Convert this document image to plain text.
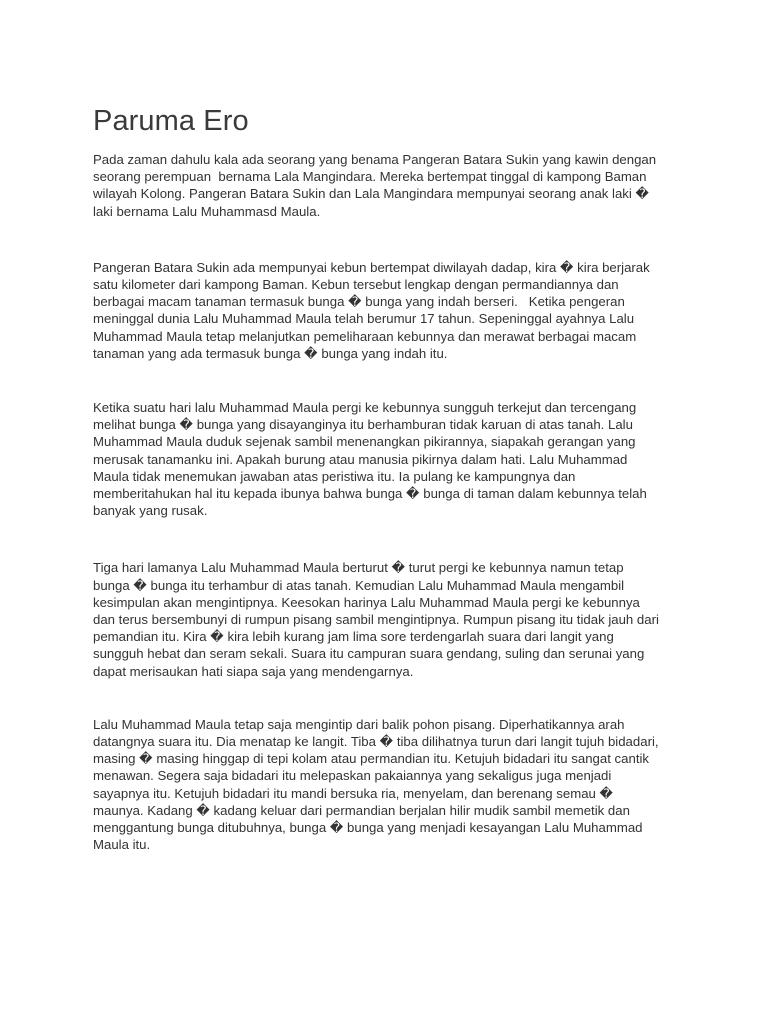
Paruma Ero

Pada zaman dahulu kala ada seorang yang benama Pangeran Batara Sukin yang kawin dengan
seorang perempuan  bernama Lala Mangindara. Mereka bertempat tinggal di kampong Baman
wilayah Kolong. Pangeran Batara Sukin dan Lala Mangindara mempunyai seorang anak laki �
laki bernama Lalu Muhammasd Maula.

Pangeran Batara Sukin ada mempunyai kebun bertempat diwilayah dadap, kira � kira berjarak
satu kilometer dari kampong Baman. Kebun tersebut lengkap dengan permandiannya dan
berbagai macam tanaman termasuk bunga � bunga yang indah berseri.   Ketika pengeran
meninggal dunia Lalu Muhammad Maula telah berumur 17 tahun. Sepeninggal ayahnya Lalu
Muhammad Maula tetap melanjutkan pemeliharaan kebunnya dan merawat berbagai macam
tanaman yang ada termasuk bunga � bunga yang indah itu.

Ketika suatu hari lalu Muhammad Maula pergi ke kebunnya sungguh terkejut dan tercengang
melihat bunga � bunga yang disayanginya itu berhamburan tidak karuan di atas tanah. Lalu
Muhammad Maula duduk sejenak sambil menenangkan pikirannya, siapakah gerangan yang
merusak tanamanku ini. Apakah burung atau manusia pikirnya dalam hati. Lalu Muhammad
Maula tidak menemukan jawaban atas peristiwa itu. Ia pulang ke kampungnya dan
memberitahukan hal itu kepada ibunya bahwa bunga � bunga di taman dalam kebunnya telah
banyak yang rusak.

Tiga hari lamanya Lalu Muhammad Maula berturut � turut pergi ke kebunnya namun tetap
bunga � bunga itu terhambur di atas tanah. Kemudian Lalu Muhammad Maula mengambil
kesimpulan akan mengintipnya. Keesokan harinya Lalu Muhammad Maula pergi ke kebunnya
dan terus bersembunyi di rumpun pisang sambil mengintipnya. Rumpun pisang itu tidak jauh dari
pemandian itu. Kira � kira lebih kurang jam lima sore terdengarlah suara dari langit yang
sungguh hebat dan seram sekali. Suara itu campuran suara gendang, suling dan serunai yang
dapat merisaukan hati siapa saja yang mendengarnya.

Lalu Muhammad Maula tetap saja mengintip dari balik pohon pisang. Diperhatikannya arah
datangnya suara itu. Dia menatap ke langit. Tiba � tiba dilihatnya turun dari langit tujuh bidadari,
masing � masing hinggap di tepi kolam atau permandian itu. Ketujuh bidadari itu sangat cantik
menawan. Segera saja bidadari itu melepaskan pakaiannya yang sekaligus juga menjadi
sayapnya itu. Ketujuh bidadari itu mandi bersuka ria, menyelam, dan berenang semau �
maunya. Kadang � kadang keluar dari permandian berjalan hilir mudik sambil memetik dan
menggantung bunga ditubuhnya, bunga � bunga yang menjadi kesayangan Lalu Muhammad
Maula itu.
